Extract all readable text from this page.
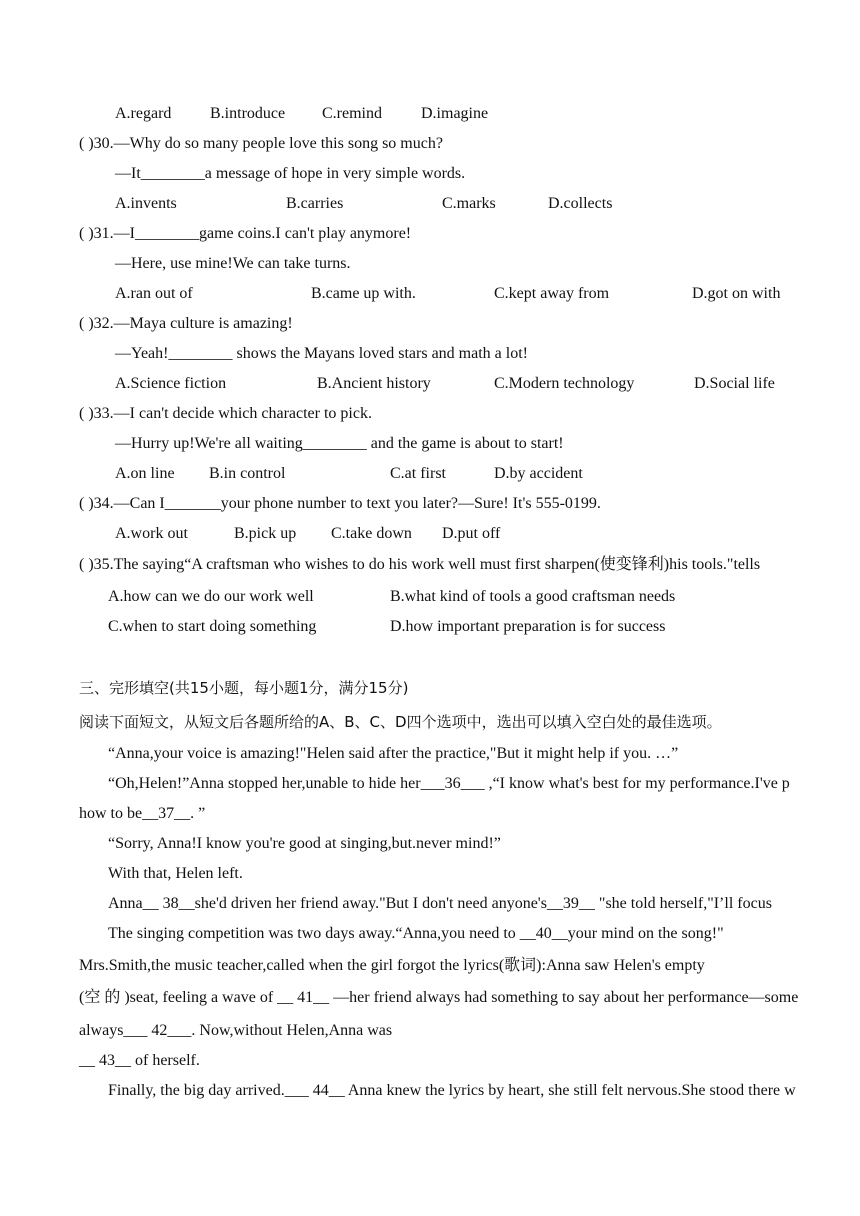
A.regard B.introduce C.remind D.imagine
( )30.—Why do so many people love this song so much?
—It________a message of hope in very simple words.
A.invents	B.carries	C.marks	D.collects
( )31.—I________game coins.I can't play anymore!
—Here, use mine!We can take turns.
A.ran out of	B.came up with.	C.kept away from	D.got on with
( )32.—Maya culture is amazing!
—Yeah!________ shows the Mayans loved stars and math a lot!
A.Science fiction	B.Ancient history	C.Modern technology	D.Social life
( )33.—I can't decide which character to pick.
—Hurry up!We're all waiting________ and the game is about to start!
A.on line B.in control	C.at first	D.by accident
( )34.—Can I_______your phone number to text you later?—Sure! It's 555-0199.
A.work out	B.pick up C.take down D.put off
( )35.The saying“A craftsman who wishes to do his work well must first sharpen(使变锋利)his tools."tells
A.how can we do our work well	B.what kind of tools a good craftsman needs
C.when to start doing something	D.how important preparation is for success
三、完形填空(共15小题，每小题1分，满分15分)
阅读下面短文，从短文后各题所给的A、B、C、D四个选项中，选出可以填入空白处的最佳选项。
“Anna,your voice is amazing!"Helen said after the practice,"But it might help if you. …”
“Oh,Helen!”Anna stopped her,unable to hide her___36___ ,“I know what's best for my performance.I've p
how to be__37__. ”
“Sorry, Anna!I know you're good at singing,but.never mind!”
With that, Helen left.
Anna__ 38__she'd driven her friend away."But I don't need anyone's__39__ "she told herself,"I’ll focus
The singing competition was two days away.“Anna,you need to __40__your mind on the song!"
Mrs.Smith,the music teacher,called when the girl forgot the lyrics(歌词):Anna saw Helen's empty
(空 的 )seat, feeling a wave of __ 41__ —her friend always had something to say about her performance—some
always___ 42___. Now,without Helen,Anna was
__ 43__ of herself.
Finally, the big day arrived.___ 44__ Anna knew the lyrics by heart, she still felt nervous.She stood there w
